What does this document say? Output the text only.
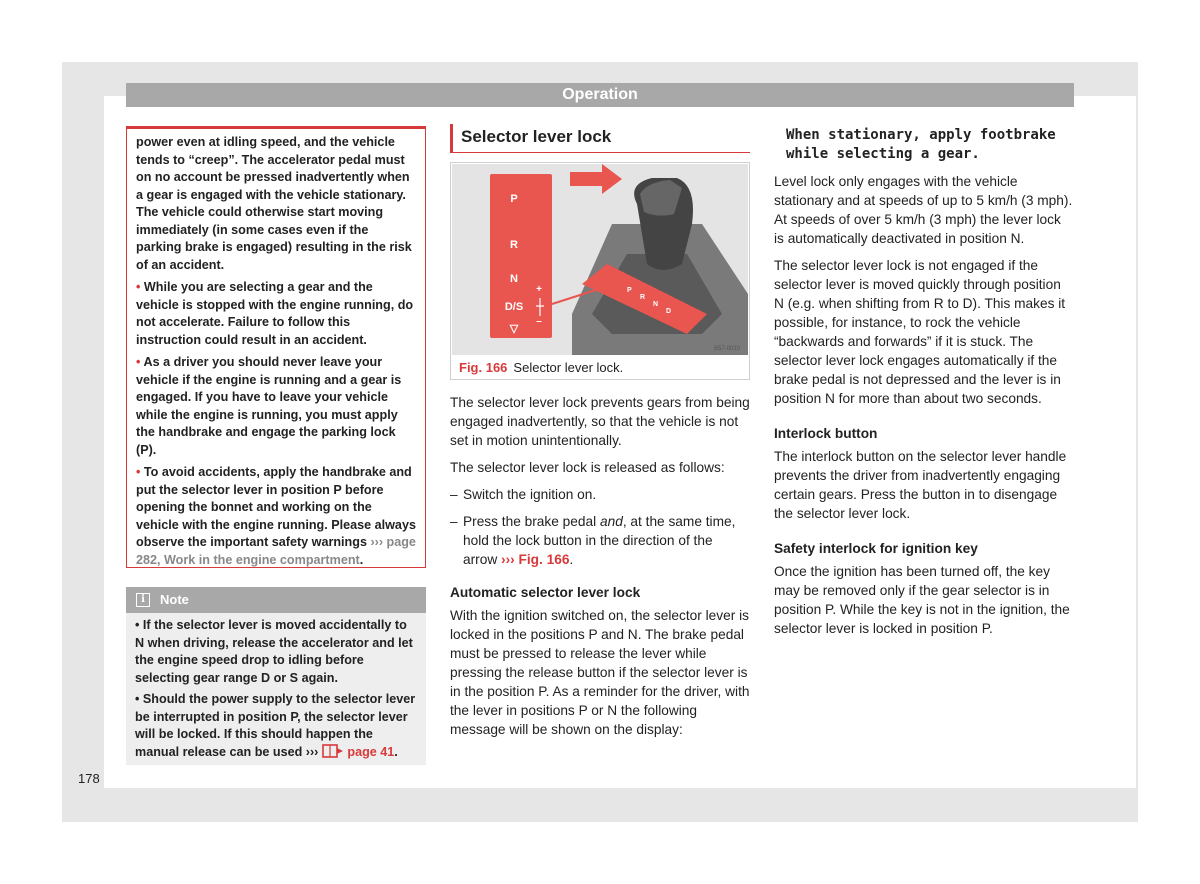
Operation

power even at idling speed, and the vehicle tends to “creep”. The accelerator pedal must on no account be pressed inadvertently when a gear is engaged with the vehicle stationary. The vehicle could otherwise start moving immediately (in some cases even if the parking brake is engaged) resulting in the risk of an accident.

• While you are selecting a gear and the vehicle is stopped with the engine running, do not accelerate. Failure to follow this instruction could result in an accident.

• As a driver you should never leave your vehicle if the engine is running and a gear is engaged. If you have to leave your vehicle while the engine is running, you must apply the handbrake and engage the parking lock (P).

• To avoid accidents, apply the handbrake and put the selector lever in position P before opening the bonnet and working on the vehicle with the engine running. Please always observe the important safety warnings ››› page 282, Work in the engine compartment.

i	Note

• If the selector lever is moved accidentally to N when driving, release the accelerator and let the engine speed drop to idling before selecting gear range D or S again.

• Should the power supply to the selector lever be interrupted in position P, the selector lever will be locked. If this should happen the manual release can be used ››› page 41.

Selector lever lock
P
R
N
D/S
▽
+
–
P
R
N
D
B57-0010
Fig. 166 Selector lever lock.

The selector lever lock prevents gears from being engaged inadvertently, so that the vehicle is not set in motion unintentionally.

The selector lever lock is released as follows:

– Switch the ignition on.
– Press the brake pedal and, at the same time, hold the lock button in the direction of the arrow ››› Fig. 166.
Automatic selector lever lock

With the ignition switched on, the selector lever is locked in the positions P and N. The brake pedal must be pressed to release the lever while pressing the release button if the selector lever is in the position P. As a reminder for the driver, with the lever in positions P or N the following message will be shown on the display:

When stationary, apply footbrake while selecting a gear.

Level lock only engages with the vehicle stationary and at speeds of up to 5 km/h (3 mph). At speeds of over 5 km/h (3 mph) the lever lock is automatically deactivated in position N.

The selector lever lock is not engaged if the selector lever is moved quickly through position N (e.g. when shifting from R to D). This makes it possible, for instance, to rock the vehicle “backwards and forwards” if it is stuck. The selector lever lock engages automatically if the brake pedal is not depressed and the lever is in position N for more than about two seconds.

Interlock button

The interlock button on the selector lever handle prevents the driver from inadvertently engaging certain gears. Press the button in to disengage the selector lever lock.

Safety interlock for ignition key

Once the ignition has been turned off, the key may be removed only if the gear selector is in position P. While the key is not in the ignition, the selector lever is locked in position P.

178
